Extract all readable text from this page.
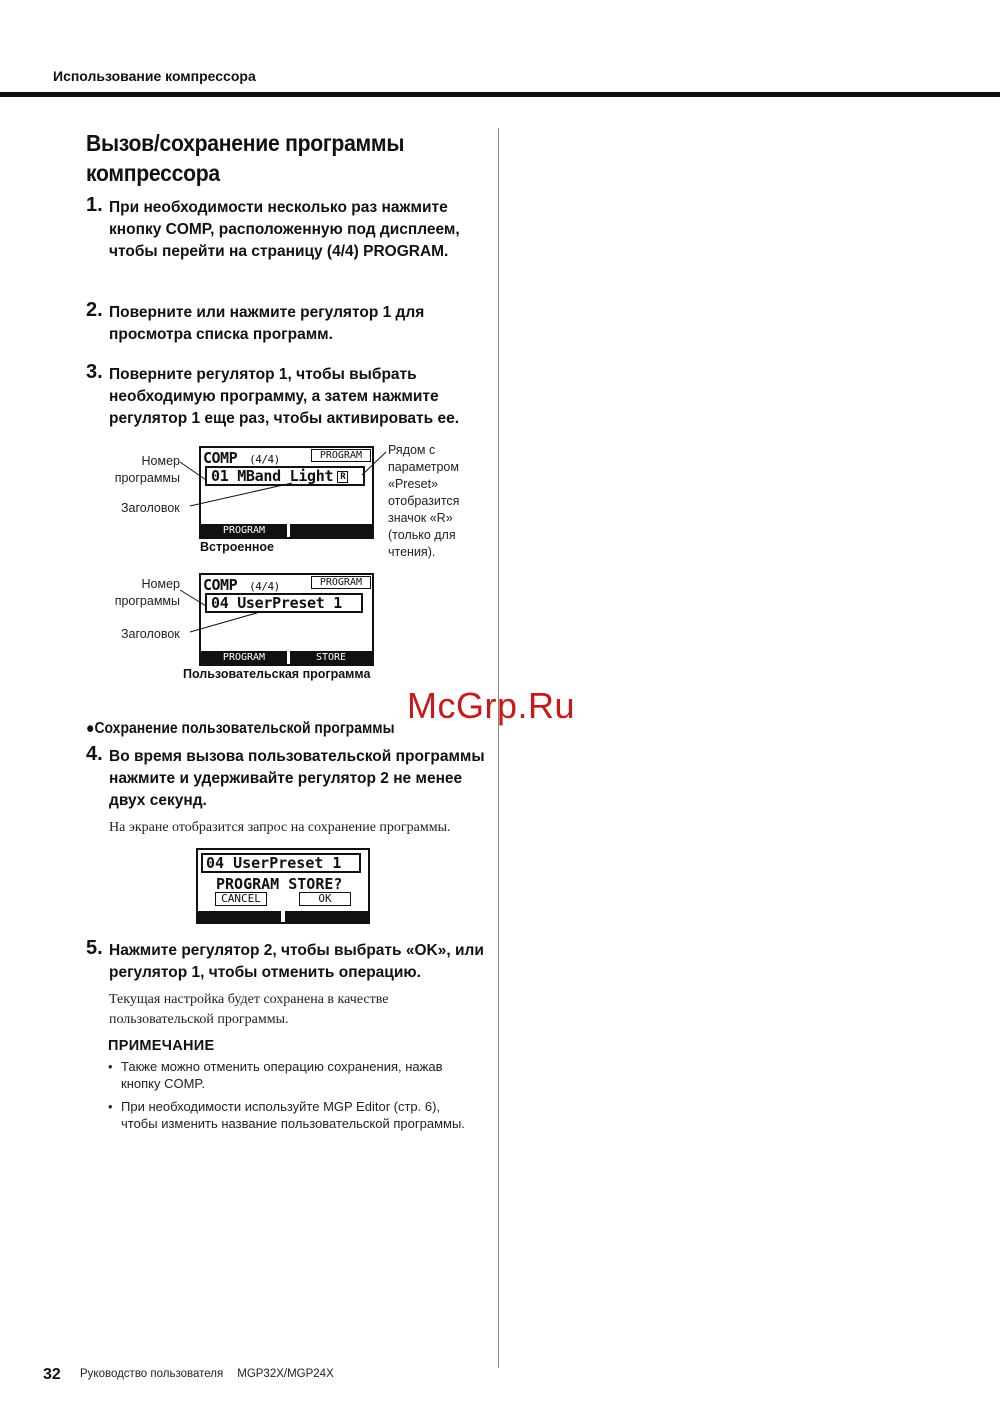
Использование компрессора
Вызов/сохранение программы
компрессора
1. При необходимости несколько раз нажмите кнопку COMP, расположенную под дисплеем, чтобы перейти на страницу (4/4) PROGRAM.
2. Поверните или нажмите регулятор 1 для просмотра списка программ.
3. Поверните регулятор 1, чтобы выбрать необходимую программу, а затем нажмите регулятор 1 еще раз, чтобы активировать ее.
COMP (4/4)	PROGRAM
01 MBand Light R
PROGRAM
Встроенное
Номер
программы
Заголовок
Рядом с
параметром
«Preset»
отобразится
значок «R»
(только для
чтения).
COMP (4/4)	PROGRAM
04 UserPreset 1
PROGRAM	STORE
Пользовательская программа
Номер
программы
Заголовок
●Сохранение пользовательской программы
4. Во время вызова пользовательской программы нажмите и удерживайте регулятор 2 не менее двух секунд.
На экране отобразится запрос на сохранение программы.
04 UserPreset 1
PROGRAM STORE?
CANCEL	OK
5. Нажмите регулятор 2, чтобы выбрать «OK», или регулятор 1, чтобы отменить операцию.
Текущая настройка будет сохранена в качестве пользовательской программы.
ПРИМЕЧАНИЕ
• Также можно отменить операцию сохранения, нажав кнопку COMP.
• При необходимости используйте MGP Editor (стр. 6), чтобы изменить название пользовательской программы.
McGrp.Ru
32 Руководство пользователя MGP32X/MGP24X
